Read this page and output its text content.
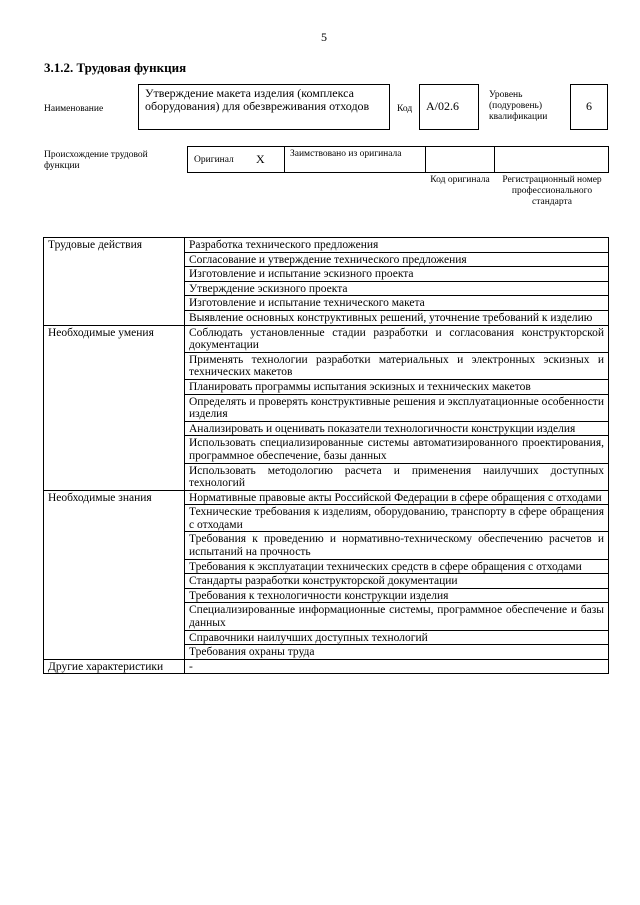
5
3.1.2. Трудовая функция
Наименование
Утверждение макета изделия (комплекса оборудования) для обезвреживания отходов	Код	А/02.6
Уровень (подуровень) квалификации
6
Происхождение трудовой функции
Оригинал Х	Заимствовано из оригинала
Код оригинала	Регистрационный номер профессионального стандарта
Трудовые действия	Разработка технического предложения
	Согласование и утверждение технического предложения
	Изготовление и испытание эскизного проекта
	Утверждение эскизного проекта
	Изготовление и испытание технического макета
	Выявление основных конструктивных решений, уточнение требований к изделию
Необходимые умения	Соблюдать установленные стадии разработки и согласования конструкторской документации
	Применять технологии разработки материальных и электронных эскизных и технических макетов
	Планировать программы испытания эскизных и технических макетов
	Определять и проверять конструктивные решения и эксплуатационные особенности изделия
	Анализировать и оценивать показатели технологичности конструкции изделия
	Использовать специализированные системы автоматизированного проектирования, программное обеспечение, базы данных
	Использовать методологию расчета и применения наилучших доступных технологий
Необходимые знания	Нормативные правовые акты Российской Федерации в сфере обращения с отходами
	Технические требования к изделиям, оборудованию, транспорту в сфере обращения с отходами
	Требования к проведению и нормативно-техническому обеспечению расчетов и испытаний на прочность
	Требования к эксплуатации технических средств в сфере обращения с отходами
	Стандарты разработки конструкторской документации
	Требования к технологичности конструкции изделия
	Специализированные информационные системы, программное обеспечение и базы данных
	Справочники наилучших доступных технологий
	Требования охраны труда
Другие характеристики	-
